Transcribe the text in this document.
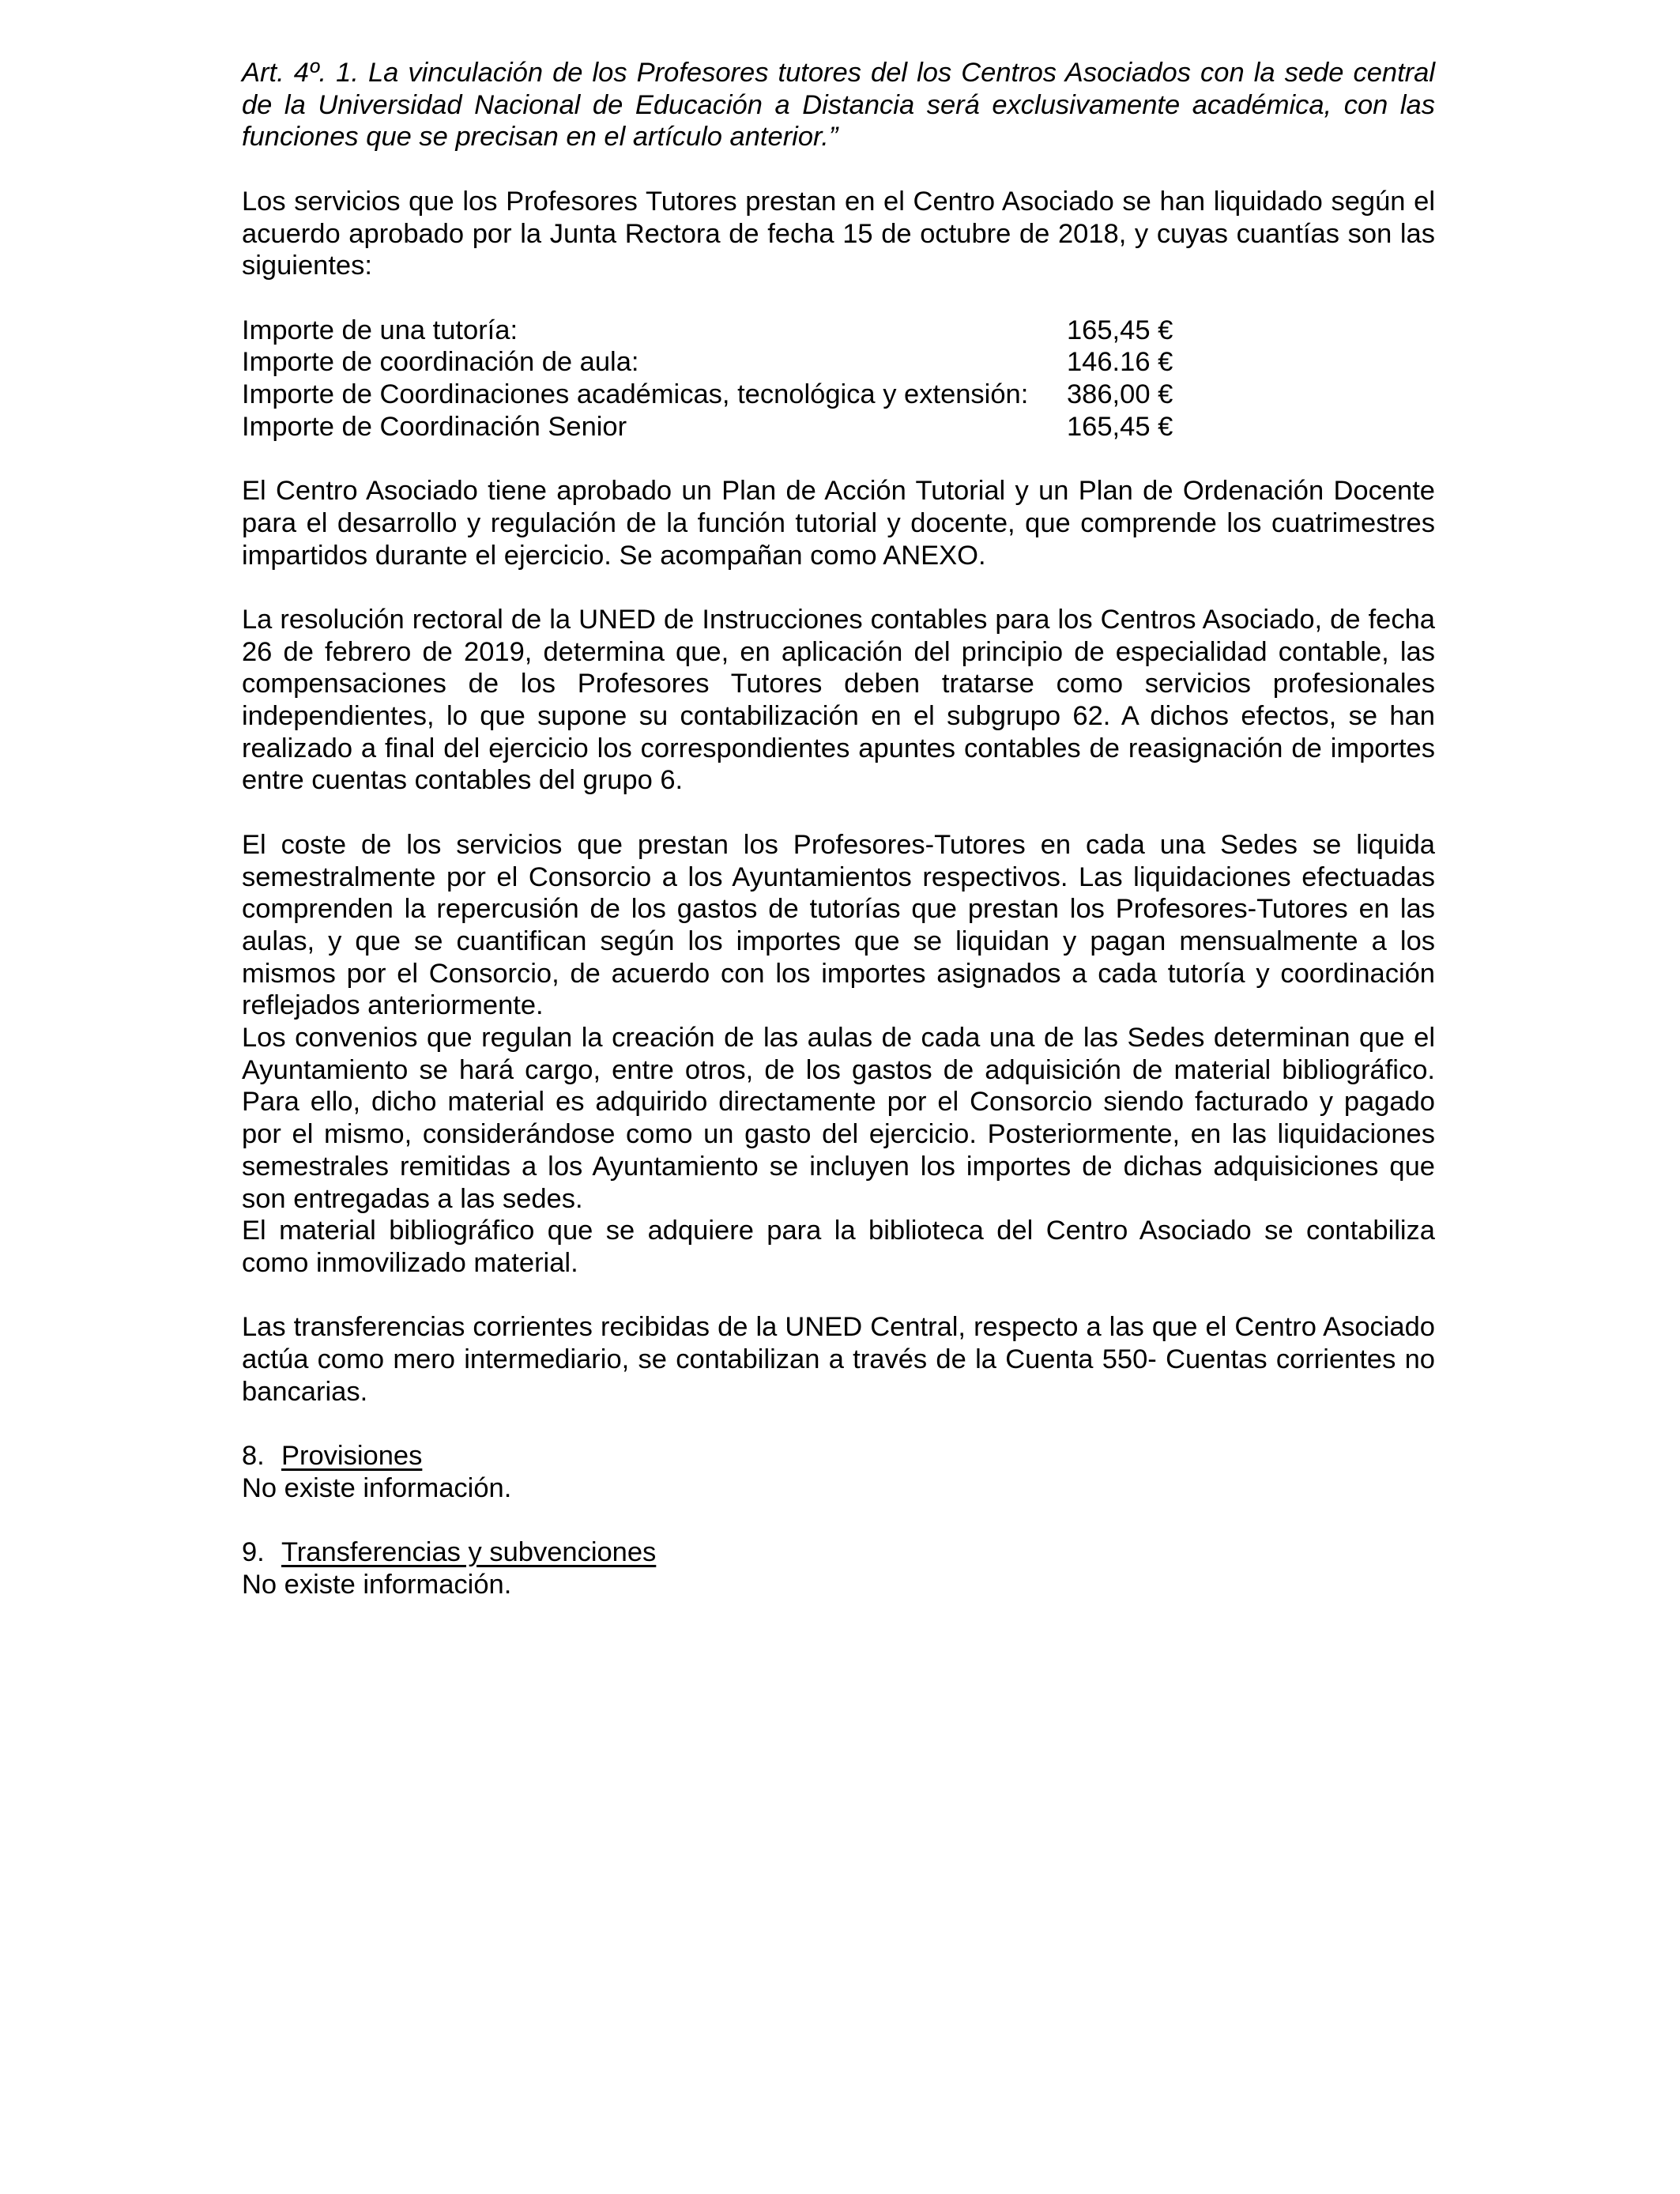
Art. 4º. 1. La vinculación de los Profesores tutores del los Centros Asociados con la sede central de la Universidad Nacional de Educación a Distancia será exclusivamente académica, con las funciones que se precisan en el artículo anterior.”

Los servicios que los Profesores Tutores prestan en el Centro Asociado se han liquidado según el acuerdo aprobado por la Junta Rectora de fecha 15 de octubre de 2018, y cuyas cuantías son las siguientes:

Importe de una tutoría:	165,45 €
Importe de coordinación de aula:	146.16 €
Importe de Coordinaciones académicas, tecnológica y extensión:	386,00 €
Importe de Coordinación Senior	165,45 €

El Centro Asociado tiene aprobado un Plan de Acción Tutorial y un Plan de Ordenación Docente para el desarrollo y regulación de la función tutorial y docente, que comprende los cuatrimestres impartidos durante el ejercicio. Se acompañan como ANEXO.

La resolución rectoral de la UNED de Instrucciones contables para los Centros Asociado, de fecha 26 de febrero de 2019, determina que, en aplicación del principio de especialidad contable, las compensaciones de los Profesores Tutores deben tratarse como servicios profesionales independientes, lo que supone su contabilización en el subgrupo 62. A dichos efectos, se han realizado a final del ejercicio los correspondientes apuntes contables de reasignación de importes entre cuentas contables del grupo 6.

El coste de los servicios que prestan los Profesores-Tutores en cada una Sedes se liquida semestralmente por el Consorcio a los Ayuntamientos respectivos. Las liquidaciones efectuadas comprenden la repercusión de los gastos de tutorías que prestan los Profesores-Tutores en las aulas, y que se cuantifican según los importes que se liquidan y pagan mensualmente a los mismos por el Consorcio, de acuerdo con los importes asignados a cada tutoría y coordinación reflejados anteriormente.

Los convenios que regulan la creación de las aulas de cada una de las Sedes determinan que el Ayuntamiento se hará cargo, entre otros, de los gastos de adquisición de material bibliográfico. Para ello, dicho material es adquirido directamente por el Consorcio siendo facturado y pagado por el mismo, considerándose como un gasto del ejercicio. Posteriormente, en las liquidaciones semestrales remitidas a los Ayuntamiento se incluyen los importes de dichas adquisiciones que son entregadas a las sedes.

El material bibliográfico que se adquiere para la biblioteca del Centro Asociado se contabiliza como inmovilizado material.

Las transferencias corrientes recibidas de la UNED Central, respecto a las que el Centro Asociado actúa como mero intermediario, se contabilizan a través de la Cuenta 550- Cuentas corrientes no bancarias.

8. Provisiones

No existe información.

9. Transferencias y subvenciones

No existe información.
